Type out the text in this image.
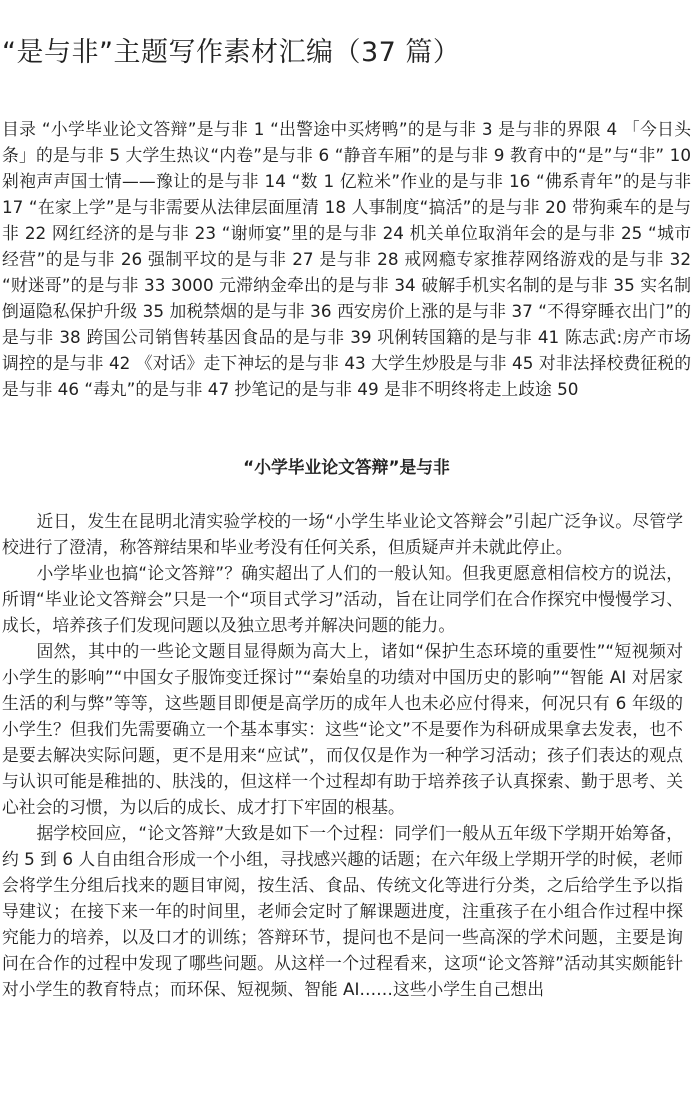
“是与非”主题写作素材汇编（37 篇）

目录 “小学毕业论文答辩”是与非 1 “出警途中买烤鸭”的是与非 3 是与非的界限 4 「今日头条」的是与非 5 大学生热议“内卷”是与非 6 “静音车厢”的是与非 9 教育中的“是”与“非” 10 剁袍声声国士情——豫让的是与非 14 “数 1 亿粒米”作业的是与非 16 “佛系青年”的是与非 17 “在家上学”是与非需要从法律层面厘清 18 人事制度“搞活”的是与非 20 带狗乘车的是与非 22 网红经济的是与非 23 “谢师宴”里的是与非 24 机关单位取消年会的是与非 25 “城市经营”的是与非 26 强制平坟的是与非 27 是与非 28 戒网瘾专家推荐网络游戏的是与非 32 “财迷哥”的是与非 33 3000 元滞纳金牵出的是与非 34 破解手机实名制的是与非 35 实名制倒逼隐私保护升级 35 加税禁烟的是与非 36 西安房价上涨的是与非 37 “不得穿睡衣出门”的是与非 38 跨国公司销售转基因食品的是与非 39 巩俐转国籍的是与非 41 陈志武:房产市场调控的是与非 42 《对话》走下神坛的是与非 43 大学生炒股是与非 45 对非法择校费征税的是与非 46 “毒丸”的是与非 47 抄笔记的是与非 49 是非不明终将走上歧途 50

“小学毕业论文答辩”是与非

近日，发生在昆明北清实验学校的一场“小学生毕业论文答辩会”引起广泛争议。尽管学校进行了澄清，称答辩结果和毕业考没有任何关系，但质疑声并未就此停止。

小学毕业也搞“论文答辩”？确实超出了人们的一般认知。但我更愿意相信校方的说法，所谓“毕业论文答辩会”只是一个“项目式学习”活动，旨在让同学们在合作探究中慢慢学习、成长，培养孩子们发现问题以及独立思考并解决问题的能力。

固然，其中的一些论文题目显得颇为高大上，诸如“保护生态环境的重要性”“短视频对小学生的影响”“中国女子服饰变迁探讨”“秦始皇的功绩对中国历史的影响”“智能 AI 对居家生活的利与弊”等等，这些题目即便是高学历的成年人也未必应付得来，何况只有 6 年级的小学生？但我们先需要确立一个基本事实：这些“论文”不是要作为科研成果拿去发表，也不是要去解决实际问题，更不是用来“应试”，而仅仅是作为一种学习活动；孩子们表达的观点与认识可能是稚拙的、肤浅的，但这样一个过程却有助于培养孩子认真探索、勤于思考、关心社会的习惯，为以后的成长、成才打下牢固的根基。

据学校回应，“论文答辩”大致是如下一个过程：同学们一般从五年级下学期开始筹备，约 5 到 6 人自由组合形成一个小组，寻找感兴趣的话题；在六年级上学期开学的时候，老师会将学生分组后找来的题目审阅，按生活、食品、传统文化等进行分类，之后给学生予以指导建议；在接下来一年的时间里，老师会定时了解课题进度，注重孩子在小组合作过程中探究能力的培养，以及口才的训练；答辩环节，提问也不是问一些高深的学术问题，主要是询问在合作的过程中发现了哪些问题。从这样一个过程看来，这项“论文答辩”活动其实颇能针对小学生的教育特点；而环保、短视频、智能 AI……这些小学生自己想出
